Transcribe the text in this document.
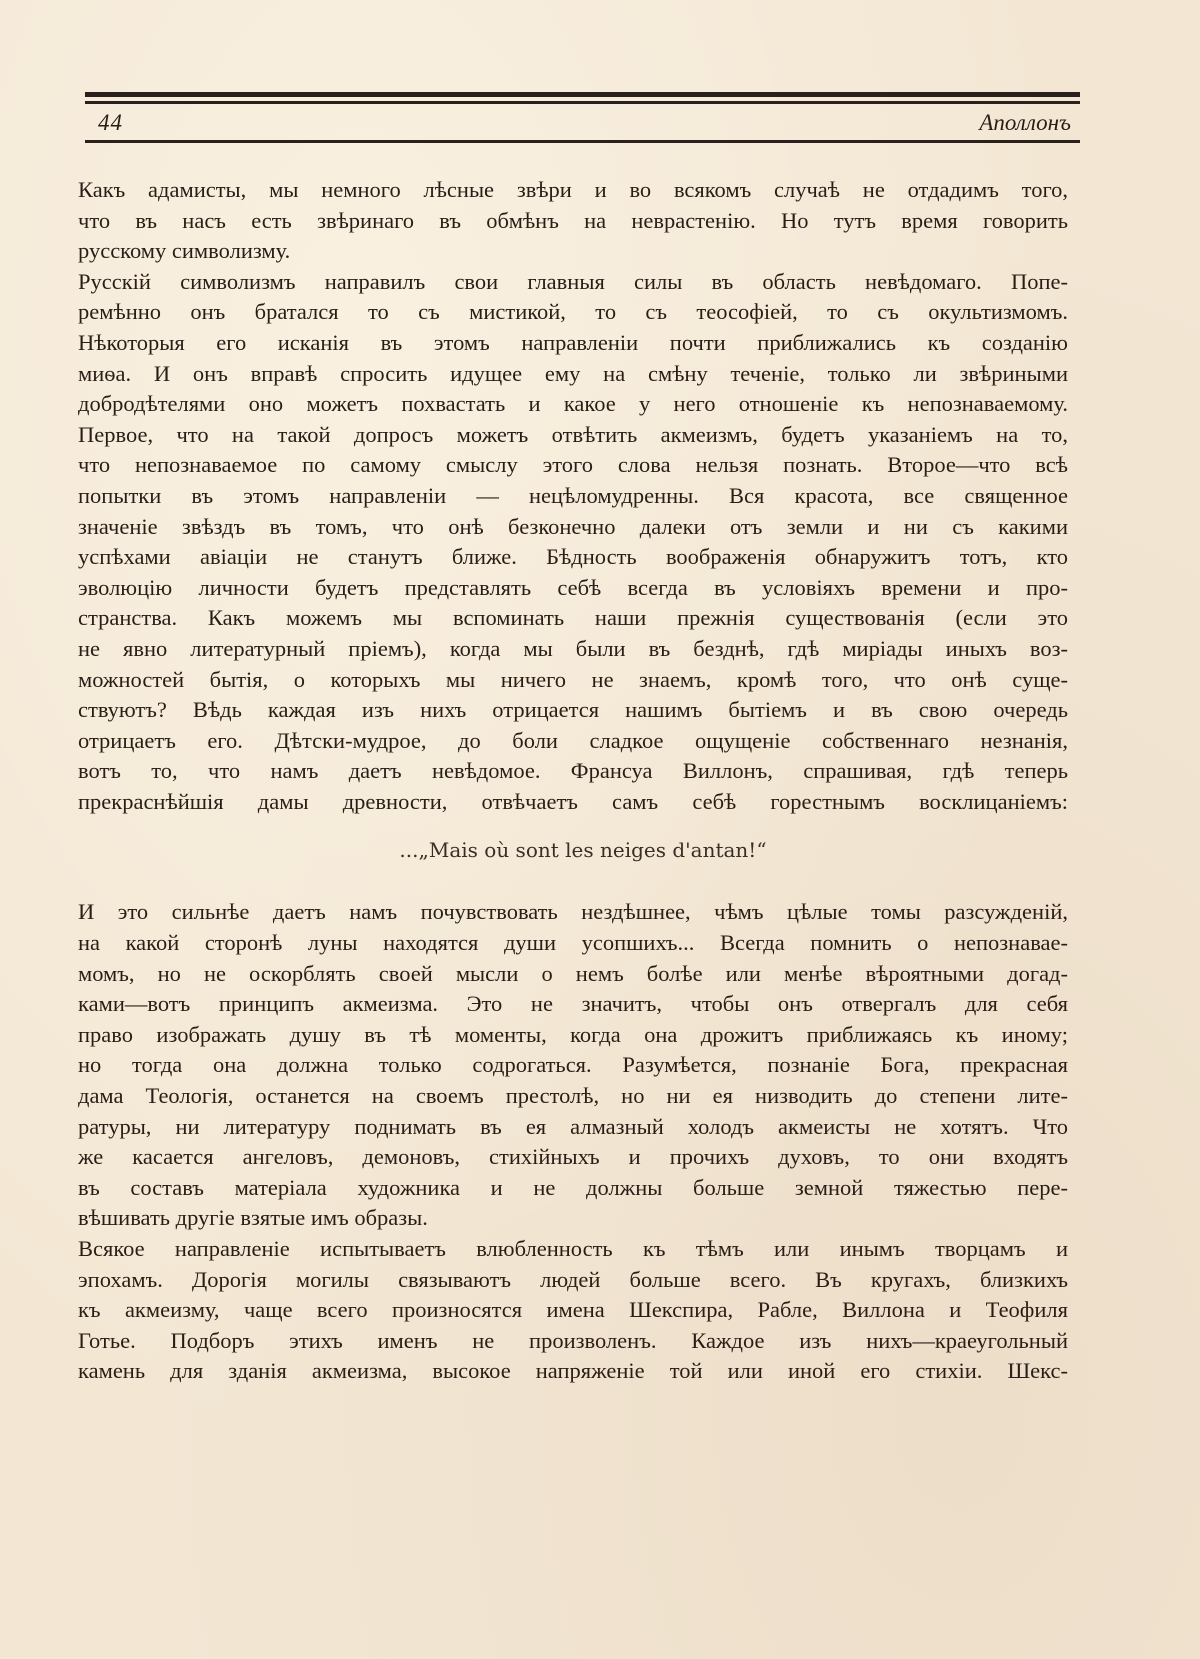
44	Аполлонъ
Какъ адамисты, мы немного лѣсные звѣри и во всякомъ случаѣ не отдадимъ того,
что въ насъ есть звѣринаго въ обмѣнъ на неврастенію. Но тутъ время говорить
русскому символизму.
Русскій символизмъ направилъ свои главныя силы въ область невѣдомаго. Попе-
ремѣнно онъ братался то съ мистикой, то съ теософіей, то съ окультизмомъ.
Нѣкоторыя его исканія въ этомъ направленіи почти приближались къ созданію
миѳа. И онъ вправѣ спросить идущее ему на смѣну теченіе, только ли звѣриными
добродѣтелями оно можетъ похвастать и какое у него отношеніе къ непознаваемому.
Первое, что на такой допросъ можетъ отвѣтить акмеизмъ, будетъ указаніемъ на то,
что непознаваемое по самому смыслу этого слова нельзя познать. Второе—что всѣ
попытки въ этомъ направленіи — нецѣломудренны. Вся красота, все священное
значеніе звѣздъ въ томъ, что онѣ безконечно далеки отъ земли и ни съ какими
успѣхами авіаціи не станутъ ближе. Бѣдность воображенія обнаружитъ тотъ, кто
эволюцію личности будетъ представлять себѣ всегда въ условіяхъ времени и про-
странства. Какъ можемъ мы вспоминать наши прежнія существованія (если это
не явно литературный пріемъ), когда мы были въ безднѣ, гдѣ миріады иныхъ воз-
можностей бытія, о которыхъ мы ничего не знаемъ, кромѣ того, что онѣ суще-
ствуютъ? Вѣдь каждая изъ нихъ отрицается нашимъ бытіемъ и въ свою очередь
отрицаетъ его. Дѣтски-мудрое, до боли сладкое ощущеніе собственнаго незнанія,
вотъ то, что намъ даетъ невѣдомое. Франсуа Виллонъ, спрашивая, гдѣ теперь
прекраснѣйшія дамы древности, отвѣчаетъ самъ себѣ горестнымъ восклицаніемъ:
...„Mais où sont les neiges d'antan!“
И это сильнѣе даетъ намъ почувствовать нездѣшнее, чѣмъ цѣлые томы разсужденій,
на какой сторонѣ луны находятся души усопшихъ... Всегда помнить о непознавае-
момъ, но не оскорблять своей мысли о немъ болѣе или менѣе вѣроятными догад-
ками—вотъ принципъ акмеизма. Это не значитъ, чтобы онъ отвергалъ для себя
право изображать душу въ тѣ моменты, когда она дрожитъ приближаясь къ иному;
но тогда она должна только содрогаться. Разумѣется, познаніе Бога, прекрасная
дама Теологія, останется на своемъ престолѣ, но ни ея низводить до степени лите-
ратуры, ни литературу поднимать въ ея алмазный холодъ акмеисты не хотятъ. Что
же касается ангеловъ, демоновъ, стихійныхъ и прочихъ духовъ, то они входятъ
въ составъ матеріала художника и не должны больше земной тяжестью пере-
вѣшивать другіе взятые имъ образы.
Всякое направленіе испытываетъ влюбленность къ тѣмъ или инымъ творцамъ и
эпохамъ. Дорогія могилы связываютъ людей больше всего. Въ кругахъ, близкихъ
къ акмеизму, чаще всего произносятся имена Шекспира, Рабле, Виллона и Теофиля
Готье. Подборъ этихъ именъ не произволенъ. Каждое изъ нихъ—краеугольный
камень для зданія акмеизма, высокое напряженіе той или иной его стихіи. Шекс-
